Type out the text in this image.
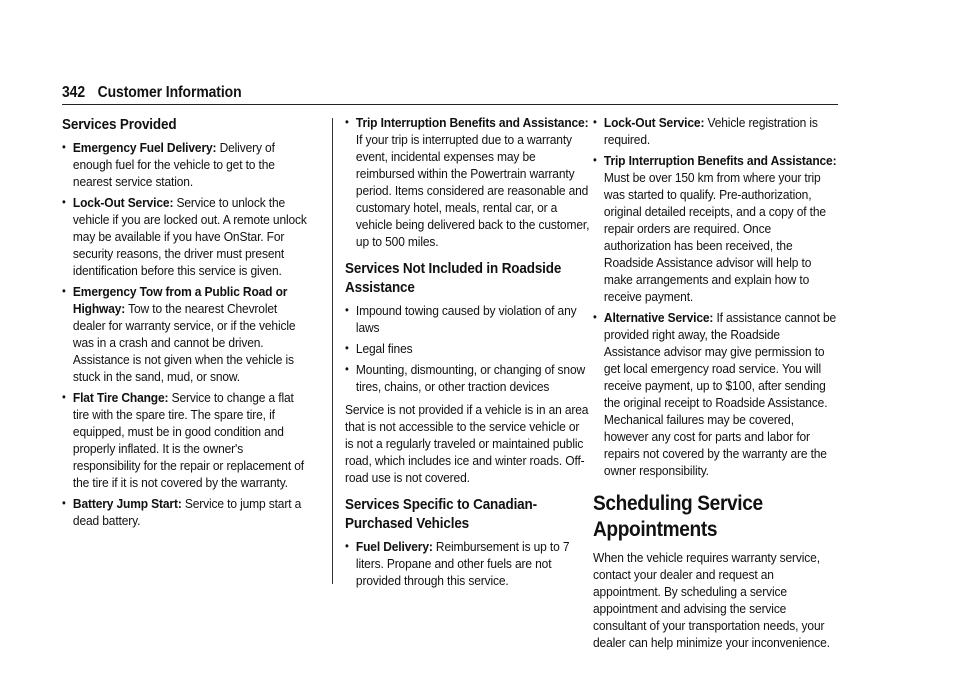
342 Customer Information
Services Provided
• Emergency Fuel Delivery: Delivery of enough fuel for the vehicle to get to the nearest service station.
• Lock-Out Service: Service to unlock the vehicle if you are locked out. A remote unlock may be available if you have OnStar. For security reasons, the driver must present identification before this service is given.
• Emergency Tow from a Public Road or Highway: Tow to the nearest Chevrolet dealer for warranty service, or if the vehicle was in a crash and cannot be driven. Assistance is not given when the vehicle is stuck in the sand, mud, or snow.
• Flat Tire Change: Service to change a flat tire with the spare tire. The spare tire, if equipped, must be in good condition and properly inflated. It is the owner's responsibility for the repair or replacement of the tire if it is not covered by the warranty.
• Battery Jump Start: Service to jump start a dead battery.
• Trip Interruption Benefits and Assistance: If your trip is interrupted due to a warranty event, incidental expenses may be reimbursed within the Powertrain warranty period. Items considered are reasonable and customary hotel, meals, rental car, or a vehicle being delivered back to the customer, up to 500 miles.
Services Not Included in Roadside Assistance
• Impound towing caused by violation of any laws
• Legal fines
• Mounting, dismounting, or changing of snow tires, chains, or other traction devices

Service is not provided if a vehicle is in an area that is not accessible to the service vehicle or is not a regularly traveled or maintained public road, which includes ice and winter roads. Off-road use is not covered.

Services Specific to Canadian-Purchased Vehicles
• Fuel Delivery: Reimbursement is up to 7 liters. Propane and other fuels are not provided through this service.
• Lock-Out Service: Vehicle registration is required.
• Trip Interruption Benefits and Assistance: Must be over 150 km from where your trip was started to qualify. Pre-authorization, original detailed receipts, and a copy of the repair orders are required. Once authorization has been received, the Roadside Assistance advisor will help to make arrangements and explain how to receive payment.
• Alternative Service: If assistance cannot be provided right away, the Roadside Assistance advisor may give permission to get local emergency road service. You will receive payment, up to $100, after sending the original receipt to Roadside Assistance. Mechanical failures may be covered, however any cost for parts and labor for repairs not covered by the warranty are the owner responsibility.
Scheduling Service Appointments

When the vehicle requires warranty service, contact your dealer and request an appointment. By scheduling a service appointment and advising the service consultant of your transportation needs, your dealer can help minimize your inconvenience.
